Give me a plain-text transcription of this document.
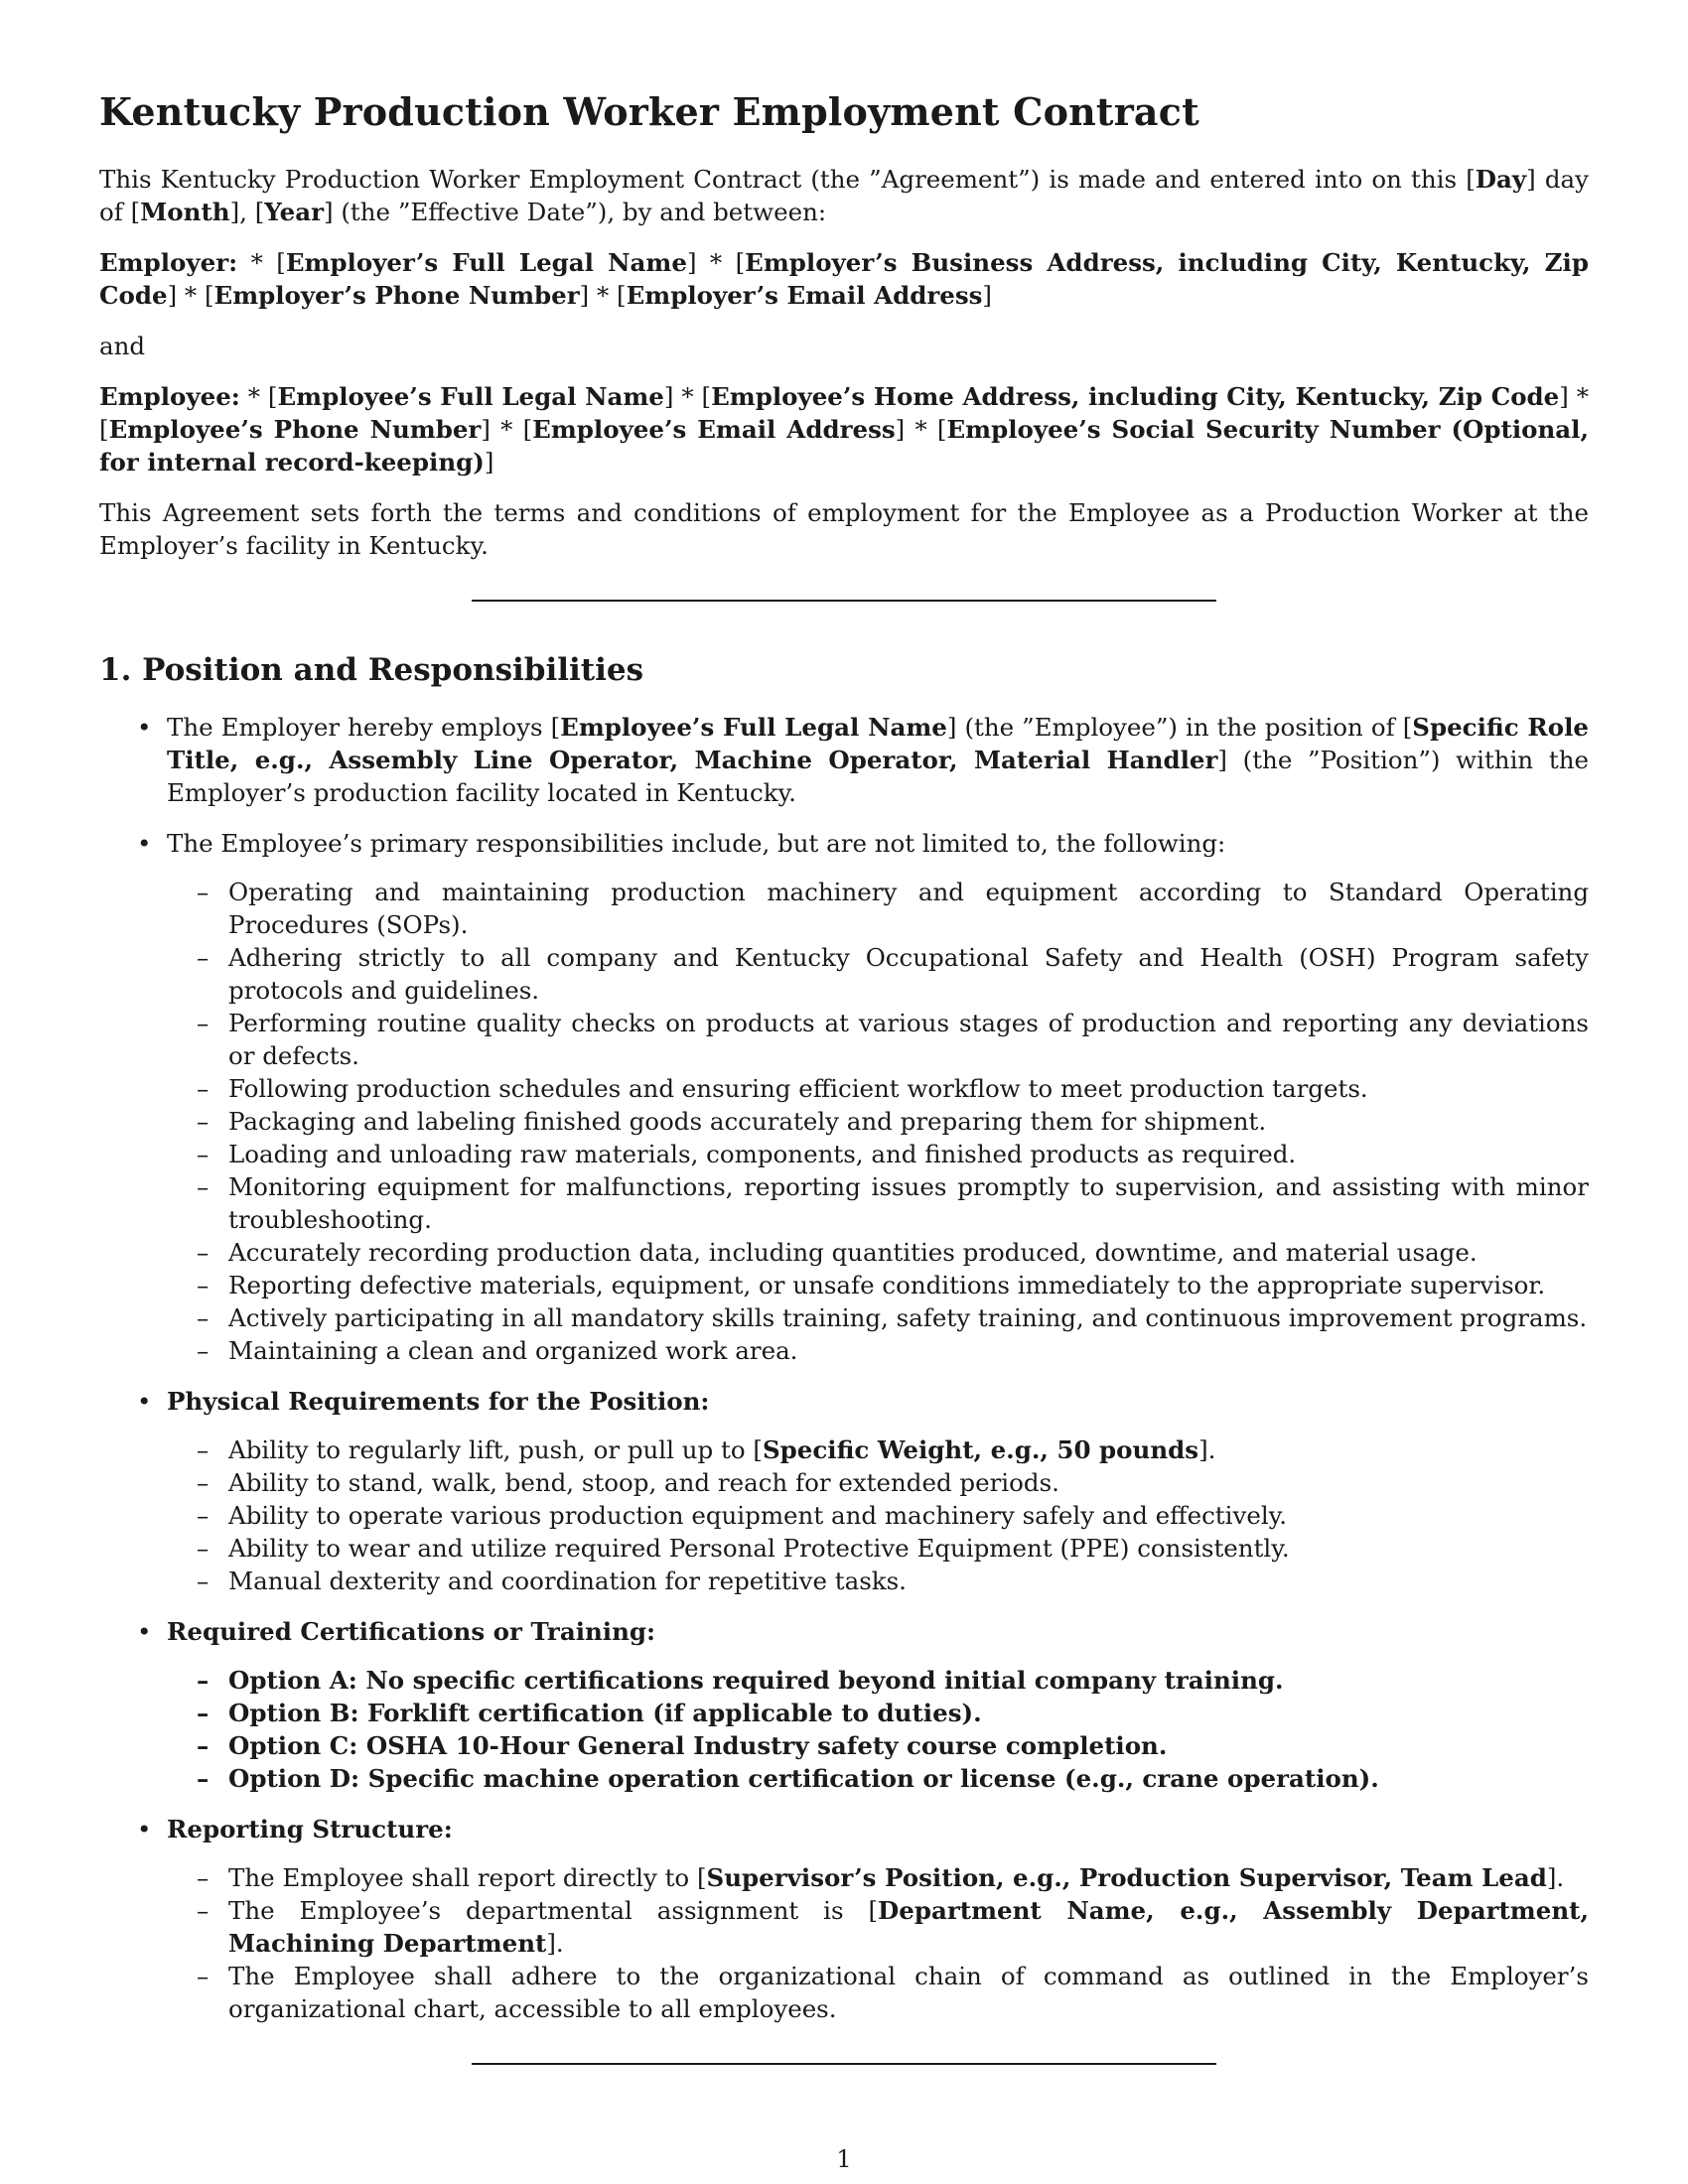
Kentucky Production Worker Employment Contract

This Kentucky Production Worker Employment Contract (the ”Agreement”) is made and entered into on this [Day] day of [Month], [Year] (the ”Effective Date”), by and between:

Employer: * [Employer’s Full Legal Name] * [Employer’s Business Address, including City, Kentucky, Zip Code] * [Employer’s Phone Number] * [Employer’s Email Address]

and

Employee: * [Employee’s Full Legal Name] * [Employee’s Home Address, including City, Kentucky, Zip Code] * [Employee’s Phone Number] * [Employee’s Email Address] * [Employee’s Social Security Number (Optional, for internal record-keeping)]

This Agreement sets forth the terms and conditions of employment for the Employee as a Production Worker at the Employer’s facility in Kentucky.

1. Position and Responsibilities
• The Employer hereby employs [Employee’s Full Legal Name] (the ”Employee”) in the position of [Specific Role Title, e.g., Assembly Line Operator, Machine Operator, Material Handler] (the ”Position”) within the Employer’s production facility located in Kentucky.
• The Employee’s primary responsibilities include, but are not limited to, the following:
– Operating and maintaining production machinery and equipment according to Standard Operating Procedures (SOPs).
– Adhering strictly to all company and Kentucky Occupational Safety and Health (OSH) Program safety protocols and guidelines.
– Performing routine quality checks on products at various stages of production and reporting any deviations or defects.
– Following production schedules and ensuring efficient workflow to meet production targets.
– Packaging and labeling finished goods accurately and preparing them for shipment.
– Loading and unloading raw materials, components, and finished products as required.
– Monitoring equipment for malfunctions, reporting issues promptly to supervision, and assisting with minor troubleshooting.
– Accurately recording production data, including quantities produced, downtime, and material usage.
– Reporting defective materials, equipment, or unsafe conditions immediately to the appropriate supervisor.
– Actively participating in all mandatory skills training, safety training, and continuous improvement programs.
– Maintaining a clean and organized work area.
• Physical Requirements for the Position:
– Ability to regularly lift, push, or pull up to [Specific Weight, e.g., 50 pounds].
– Ability to stand, walk, bend, stoop, and reach for extended periods.
– Ability to operate various production equipment and machinery safely and effectively.
– Ability to wear and utilize required Personal Protective Equipment (PPE) consistently.
– Manual dexterity and coordination for repetitive tasks.
• Required Certifications or Training:
– Option A: No specific certifications required beyond initial company training.
– Option B: Forklift certification (if applicable to duties).
– Option C: OSHA 10-Hour General Industry safety course completion.
– Option D: Specific machine operation certification or license (e.g., crane operation).
• Reporting Structure:
– The Employee shall report directly to [Supervisor’s Position, e.g., Production Supervisor, Team Lead].
– The Employee’s departmental assignment is [Department Name, e.g., Assembly Department, Machining Department].
– The Employee shall adhere to the organizational chain of command as outlined in the Employer’s organizational chart, accessible to all employees.
1
